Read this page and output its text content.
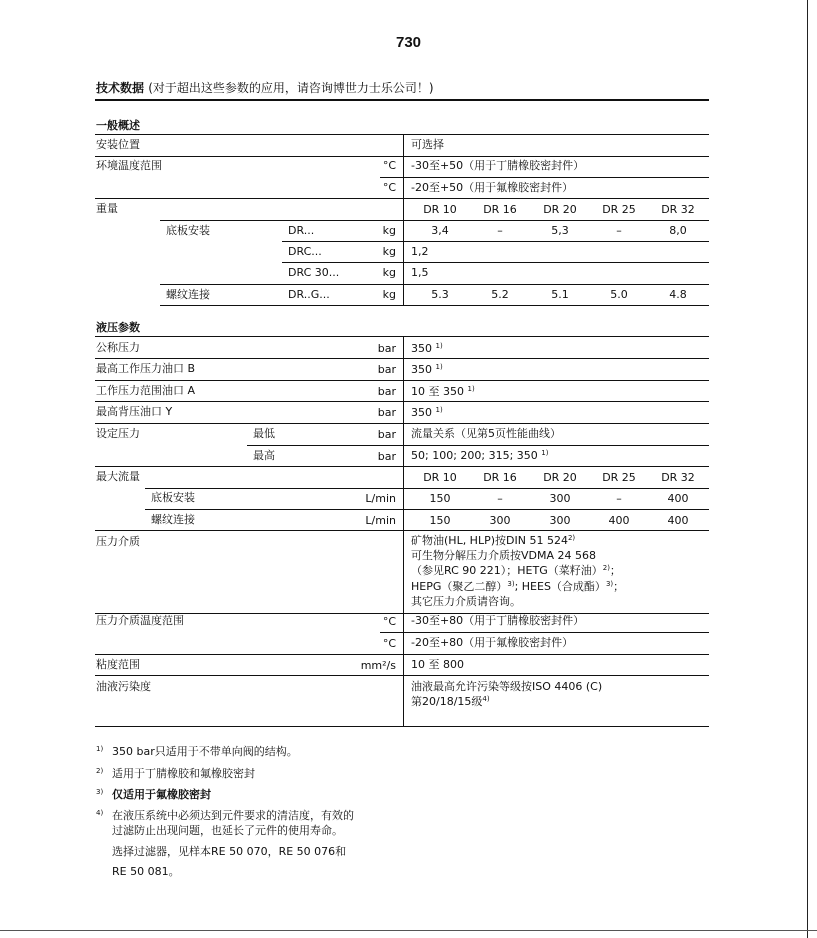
730
技术数据 (对于超出这些参数的应用，请咨询博世力士乐公司！)
一般概述
安装位置	可选择
环境温度范围	°C -30至+50（用于丁腈橡胶密封件）
°C -20至+50（用于氟橡胶密封件）
重量	DR 10	DR 16	DR 20	DR 25	DR 32
底板安装	DR...	kg	3,4	–	5,3	–	8,0
DRC...	kg 1,2
DRC 30...	kg 1,5
螺纹连接	DR..G...	kg	5.3	5.2	5.1	5.0	4.8
液压参数
公称压力	bar 350 $^{1)}$
最高工作压力油口 B	bar 350 $^{1)}$
工作压力范围油口 A	bar 10 至 350 $^{1)}$
最高背压油口 Y	bar 350 $^{1)}$
设定压力	最低	bar 流量关系（见第5页性能曲线）
最高	bar 50; 100; 200; 315; 350 $^{1)}$
最大流量	DR 10	DR 16	DR 20	DR 25	DR 32
底板安装	L/min	150	–	300	–	400
螺纹连接	L/min	150	300	300	400	400
压力介质	矿物油(HL, HLP)按DIN 51 524$^{2)}$
可生物分解压力介质按VDMA 24 568
（参见RC 90 221）；HETG（菜籽油）$^{2)}$；
HEPG（聚乙二醇）$^{3)}$; HEES（合成酯）$^{3)}$；
其它压力介质请咨询。
压力介质温度范围	°C -30至+80（用于丁腈橡胶密封件）
°C -20至+80（用于氟橡胶密封件）
粘度范围	mm²/s 10 至 800
油液污染度	油液最高允许污染等级按ISO 4406 (C)
第20/18/15级$^{4)}$
1) 350 bar只适用于不带单向阀的结构。
2) 适用于丁腈橡胶和氟橡胶密封
3) 仅适用于氟橡胶密封
4) 在液压系统中必须达到元件要求的清洁度，有效的
过滤防止出现问题，也延长了元件的使用寿命。
选择过滤器，见样本RE 50 070，RE 50 076和
RE 50 081。
